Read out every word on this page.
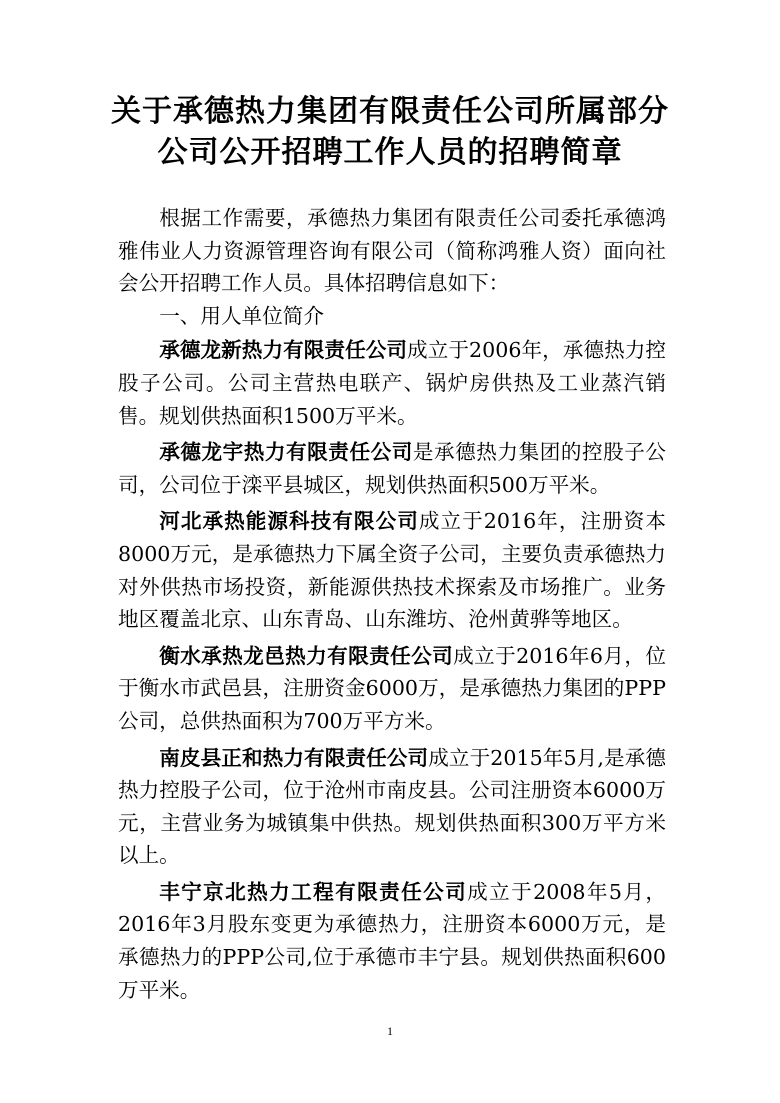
关于承德热力集团有限责任公司所属部分
公司公开招聘工作人员的招聘简章

根据工作需要，承德热力集团有限责任公司委托承德鸿雅伟业人力资源管理咨询有限公司（简称鸿雅人资）面向社会公开招聘工作人员。具体招聘信息如下：

一、用人单位简介

承德龙新热力有限责任公司成立于2006年，承德热力控股子公司。公司主营热电联产、锅炉房供热及工业蒸汽销售。规划供热面积1500万平米。

承德龙宇热力有限责任公司是承德热力集团的控股子公司，公司位于滦平县城区，规划供热面积500万平米。

河北承热能源科技有限公司成立于2016年，注册资本8000万元，是承德热力下属全资子公司，主要负责承德热力对外供热市场投资，新能源供热技术探索及市场推广。业务地区覆盖北京、山东青岛、山东潍坊、沧州黄骅等地区。

衡水承热龙邑热力有限责任公司成立于2016年6月，位于衡水市武邑县，注册资金6000万，是承德热力集团的PPP公司，总供热面积为700万平方米。

南皮县正和热力有限责任公司成立于2015年5月,是承德热力控股子公司，位于沧州市南皮县。公司注册资本6000万元，主营业务为城镇集中供热。规划供热面积300万平方米以上。

丰宁京北热力工程有限责任公司成立于2008年5月，2016年3月股东变更为承德热力，注册资本6000万元，是承德热力的PPP公司,位于承德市丰宁县。规划供热面积600万平米。

1
